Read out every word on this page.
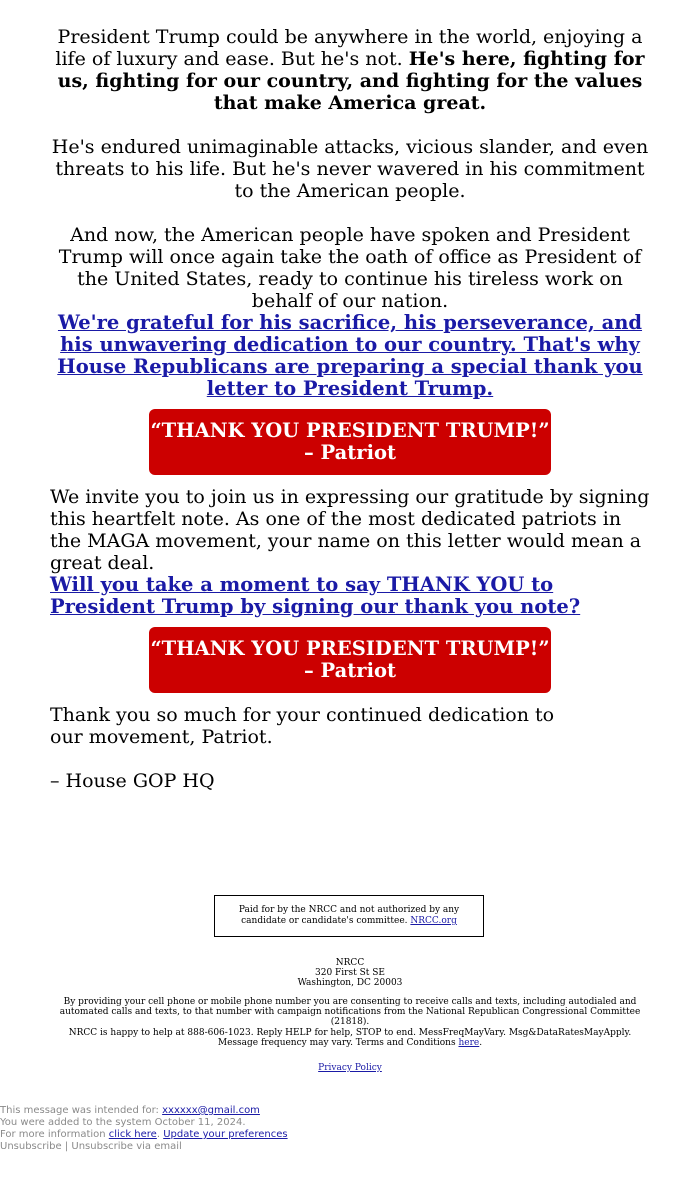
President Trump could be anywhere in the world, enjoying a life of luxury and ease. But he's not. He's here, fighting for us, fighting for our country, and fighting for the values that make America great.

He's endured unimaginable attacks, vicious slander, and even threats to his life. But he's never wavered in his commitment to the American people.

And now, the American people have spoken and President Trump will once again take the oath of office as President of the United States, ready to continue his tireless work on behalf of our nation.

We're grateful for his sacrifice, his perseverance, and his unwavering dedication to our country. That's why House Republicans are preparing a special thank you letter to President Trump.

“THANK YOU PRESIDENT TRUMP!”
– Patriot

We invite you to join us in expressing our gratitude by signing this heartfelt note. As one of the most dedicated patriots in the MAGA movement, your name on this letter would mean a great deal.

Will you take a moment to say THANK YOU to President Trump by signing our thank you note?

“THANK YOU PRESIDENT TRUMP!”
– Patriot

Thank you so much for your continued dedication to our movement, Patriot.

– House GOP HQ

Paid for by the NRCC and not authorized by any candidate or candidate's committee. NRCC.org
NRCC
320 First St SE
Washington, DC 20003

By providing your cell phone or mobile phone number you are consenting to receive calls and texts, including autodialed and automated calls and texts, to that number with campaign notifications from the National Republican Congressional Committee (21818).

NRCC is happy to help at 888-606-1023. Reply HELP for help, STOP to end. MessFreqMayVary. Msg&DataRatesMayApply. Message frequency may vary. Terms and Conditions here.

Privacy Policy

This message was intended for: xxxxxx@gmail.com
You were added to the system October 11, 2024.
For more information click here. Update your preferences
Unsubscribe | Unsubscribe via email
